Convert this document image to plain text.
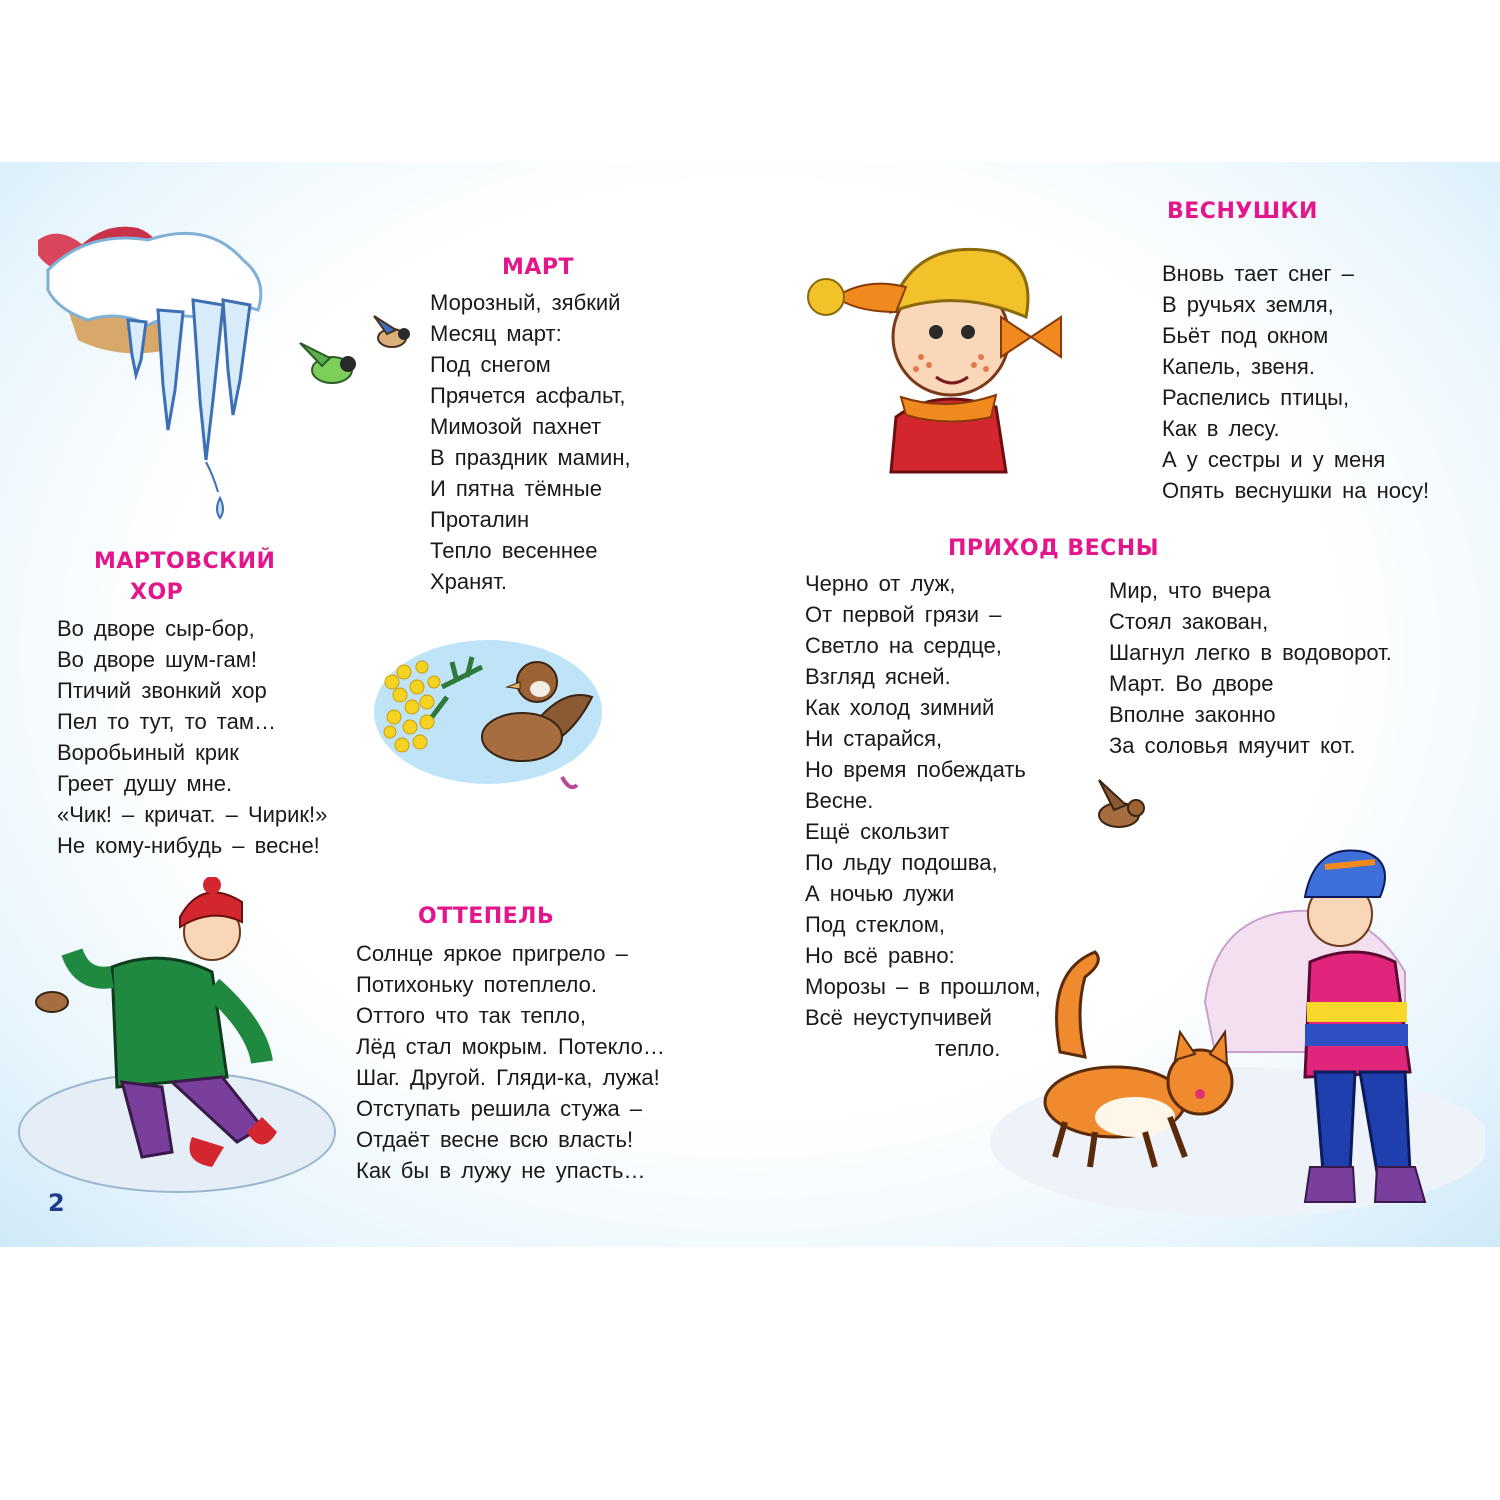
МАРТОВСКИЙ
ХОР
Во дворе сыр-бор,
Во дворе шум-гам!
Птичий звонкий хор
Пел то тут, то там…
Воробьиный крик
Греет душу мне.
«Чик! – кричат. – Чирик!»
Не кому-нибудь – весне!
МАРТ
Морозный, зябкий
Месяц март:
Под снегом
Прячется асфальт,
Мимозой пахнет
В праздник мамин,
И пятна тёмные
Проталин
Тепло весеннее
Хранят.
ОТТЕПЕЛЬ
Солнце яркое пригрело –
Потихоньку потеплело.
Оттого что так тепло,
Лёд стал мокрым. Потекло…
Шаг. Другой. Гляди-ка, лужа!
Отступать решила стужа –
Отдаёт весне всю власть!
Как бы в лужу не упасть…
ВЕСНУШКИ
Вновь тает снег –
В ручьях земля,
Бьёт под окном
Капель, звеня.
Распелись птицы,
Как в лесу.
А у сестры и у меня
Опять веснушки на носу!
ПРИХОД ВЕСНЫ
Черно от луж,
От первой грязи –
Светло на сердце,
Взгляд ясней.
Как холод зимний
Ни старайся,
Но время побеждать
Весне.
Ещё скользит
По льду подошва,
А ночью лужи
Под стеклом,
Но всё равно:
Морозы – в прошлом,
Всё неуступчивей
тепло.
Мир, что вчера
Стоял закован,
Шагнул легко в водоворот.
Март. Во дворе
Вполне законно
За соловья мяучит кот.
2
